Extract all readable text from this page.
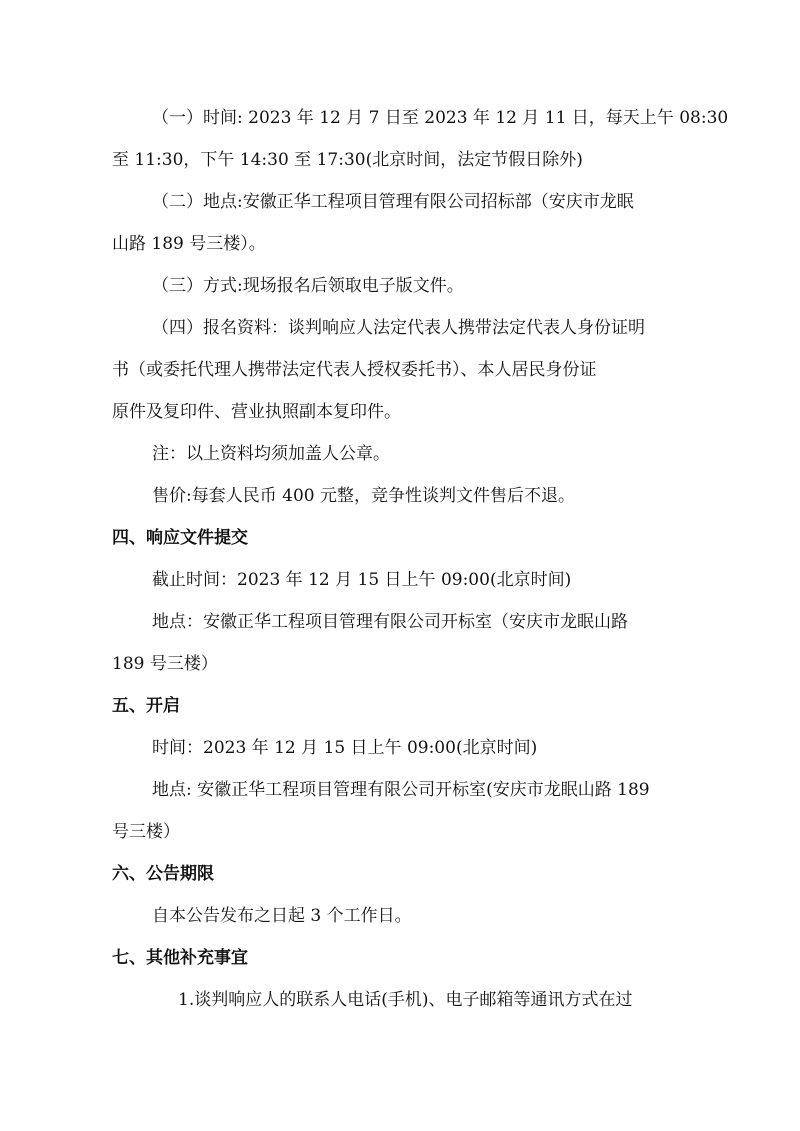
（一）时间: 2023 年 12 月 7 日至 2023 年 12 月 11 日，每天上午 08:30
至 11:30，下午 14:30 至 17:30(北京时间，法定节假日除外)
（二）地点:安徽正华工程项目管理有限公司招标部（安庆市龙眠
山路 189 号三楼）。
（三）方式:现场报名后领取电子版文件。
（四）报名资料：谈判响应人法定代表人携带法定代表人身份证明
书（或委托代理人携带法定代表人授权委托书）、本人居民身份证
原件及复印件、营业执照副本复印件。
注：以上资料均须加盖人公章。
售价:每套人民币 400 元整，竞争性谈判文件售后不退。
四、响应文件提交
截止时间：2023 年 12 月 15 日上午 09:00(北京时间)
地点：安徽正华工程项目管理有限公司开标室（安庆市龙眠山路
189 号三楼）
五、开启
时间：2023 年 12 月 15 日上午 09:00(北京时间)
地点: 安徽正华工程项目管理有限公司开标室(安庆市龙眠山路 189
号三楼）
六、公告期限
自本公告发布之日起 3 个工作日。
七、其他补充事宜
1.谈判响应人的联系人电话(手机)、电子邮箱等通讯方式在过
